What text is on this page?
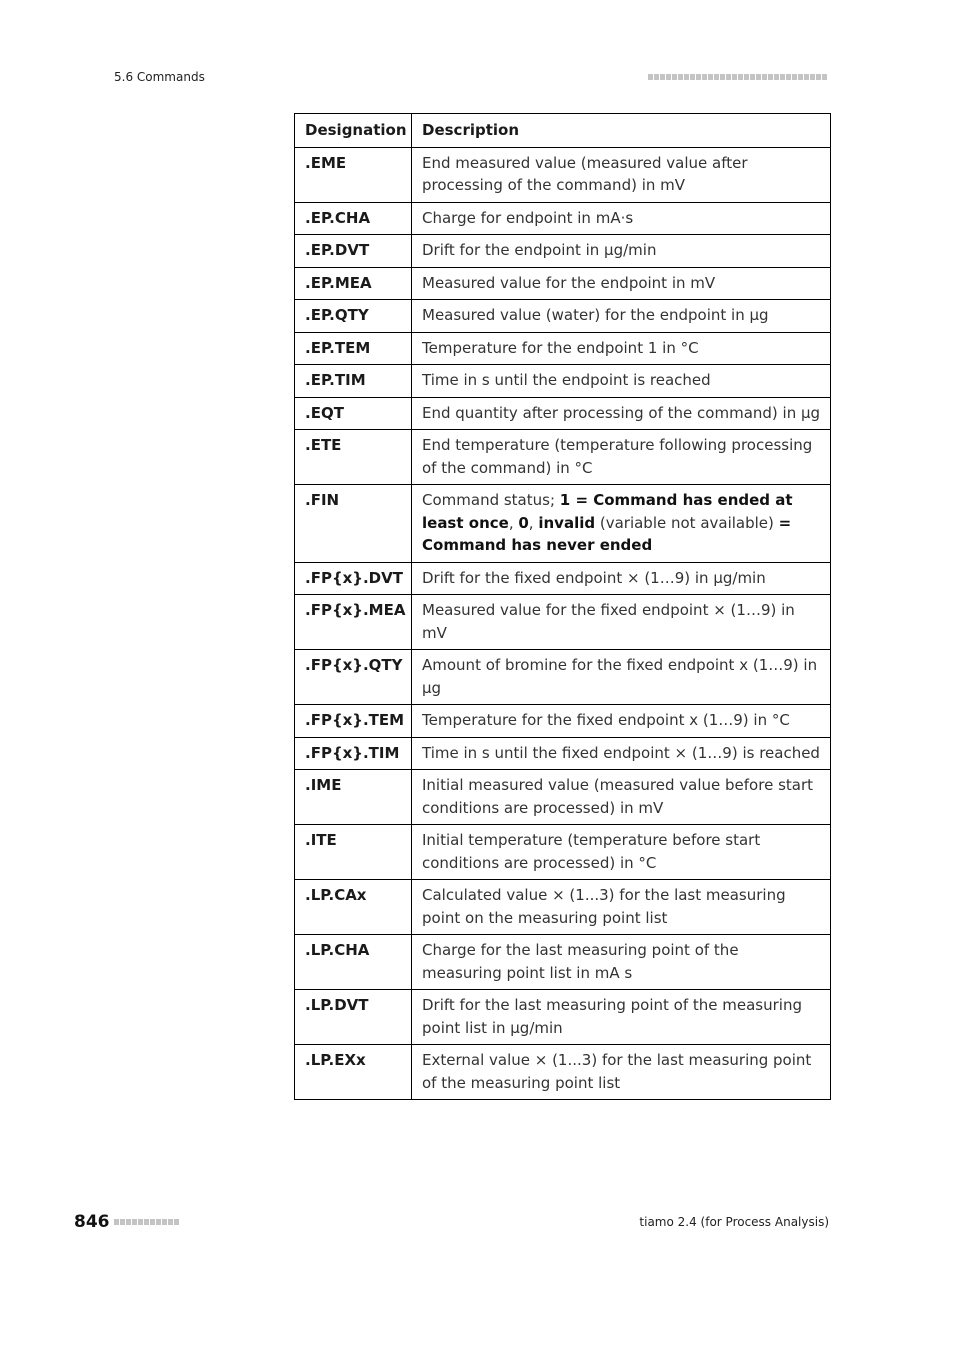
5.6 Commands
Designation	Description
.EME	End measured value (measured value after processing of the command) in mV
.EP.CHA	Charge for endpoint in mA·s
.EP.DVT	Drift for the endpoint in µg/min
.EP.MEA	Measured value for the endpoint in mV
.EP.QTY	Measured value (water) for the endpoint in µg
.EP.TEM	Temperature for the endpoint 1 in °C
.EP.TIM	Time in s until the endpoint is reached
.EQT	End quantity after processing of the command) in µg
.ETE	End temperature (temperature following processing of the command) in °C
.FIN	Command status; 1 = Command has ended at least once, 0, invalid (variable not available) = Command has never ended
.FP{x}.DVT	Drift for the fixed endpoint × (1…9) in µg/min
.FP{x}.MEA	Measured value for the fixed endpoint × (1…9) in mV
.FP{x}.QTY	Amount of bromine for the fixed endpoint x (1…9) in µg
.FP{x}.TEM	Temperature for the fixed endpoint x (1…9) in °C
.FP{x}.TIM	Time in s until the fixed endpoint × (1…9) is reached
.IME	Initial measured value (measured value before start conditions are processed) in mV
.ITE	Initial temperature (temperature before start conditions are processed) in °C
.LP.CAx	Calculated value × (1...3) for the last measuring point on the measuring point list
.LP.CHA	Charge for the last measuring point of the measuring point list in mA s
.LP.DVT	Drift for the last measuring point of the measuring point list in µg/min
.LP.EXx	External value × (1...3) for the last measuring point of the measuring point list
846	tiamo 2.4 (for Process Analysis)
